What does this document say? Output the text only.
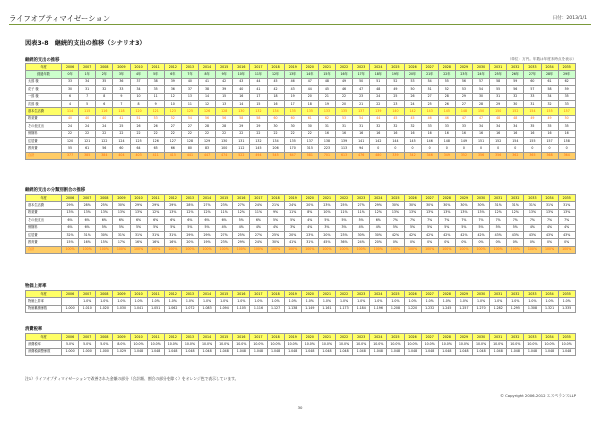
ライフオブティマイゼーション	日付：2013/1/1
図表3-8　継続的支出の推移（シナリオ3）
継続的支出の推移	（単位：万円。年数は年度末時点を表示）
年度	2006	2007	2008	2009	2010	2011	2012	2013	2014	2015	2016	2017	2018	2019	2020	2021	2022	2023	2024	2025	2026	2027	2028	2029	2030	2031	2032	2033	2034	2035
経過年数	0年	1年	2年	3年	4年	5年	6年	7年	8年	9年	10年	11年	12年	13年	14年	15年	16年	17年	18年	19年	20年	21年	22年	23年	24年	25年	26年	27年	28年	29年
太郎 様	33	34	35	36	37	38	39	40	41	42	43	44	45	46	47	48	49	50	51	52	53	54	55	56	57	58	59	60	61	62
花子 様	30	31	32	33	34	35	36	37	38	39	40	41	42	43	44	45	46	47	48	49	50	51	52	53	54	55	56	57	58	59
一郎 様	6	7	8	9	10	11	12	13	14	15	16	17	18	19	20	21	22	23	24	25	26	27	28	29	30	31	32	33	34	35
次郎 様	4	5	6	7	8	9	10	11	12	13	14	15	16	17	18	19	20	21	22	23	24	25	26	27	28	29	30	31	32	33
基本生活費	114	115	116	118	120	121	123	125	126	128	130	132	134	135	135	133	135	137	139	140	142	143	145	148	150	150	152	154	155	157
娯楽費	40	40	40	41	51	53	52	54	56	56	58	58	60	60	61	62	53	54	44	45	45	46	46	47	47	48	48	49	49	50
その他支出	24	24	24	25	26	26	27	27	28	28	29	29	30	30	30	31	31	31	32	32	32	33	33	33	34	34	34	35	35	35
保険料	22	22	22	22	22	22	22	22	22	22	22	22	22	22	22	16	16	16	16	16	16	16	16	16	16	16	16	16	16	16
住居費	120	121	122	124	125	126	127	128	129	130	131	132	134	135	137	138	139	141	142	144	145	146	148	149	151	152	154	155	157	158
教育費	55	61	56	60	64	65	66	80	83	100	112	145	206	170	315	223	113	94	0	0	0	0	0	0	0	0	0	0	0	0
合計	377	385	384	404	403	411	415	441	447	474	522	494	545	647	581	701	613	476	480	339	342	346	349	352	356	356	362	365	368	364
継続的支出の分類別割合の推移
年度	2006	2007	2008	2009	2010	2011	2012	2013	2014	2015	2016	2017	2018	2019	2020	2021	2022	2023	2024	2025	2026	2027	2028	2029	2030	2031	2032	2033	2034	2035
基本生活費	29%	28%	25%	30%	29%	29%	29%	28%	27%	23%	27%	24%	21%	24%	20%	23%	25%	27%	29%	30%	30%	30%	30%	30%	30%	31%	31%	31%	31%	31%
娯楽費	13%	13%	13%	13%	13%	12%	13%	12%	12%	11%	12%	11%	9%	11%	8%	10%	11%	11%	12%	13%	13%	13%	13%	13%	13%	12%	12%	13%	13%	13%
その他支出	6%	6%	6%	6%	6%	6%	6%	6%	6%	6%	5%	6%	5%	5%	4%	5%	5%	5%	6%	7%	7%	7%	7%	7%	7%	7%	7%	7%	7%	7%
保険料	6%	6%	5%	5%	5%	5%	5%	5%	5%	4%	4%	4%	4%	3%	4%	3%	3%	4%	4%	5%	5%	5%	5%	5%	5%	5%	5%	4%	4%	4%
住居費	32%	31%	30%	31%	31%	31%	31%	29%	29%	27%	25%	27%	25%	20%	23%	20%	23%	30%	30%	42%	42%	42%	42%	42%	42%	43%	43%	43%	43%	43%
教育費	15%	16%	15%	17%	16%	16%	16%	20%	19%	23%	29%	24%	30%	41%	31%	45%	36%	24%	20%	0%	0%	0%	0%	0%	0%	0%	0%	0%	0%	0%
合計	100%	100%	100%	100%	100%	100%	100%	100%	100%	100%	100%	100%	100%	100%	100%	100%	100%	100%	100%	100%	100%	100%	100%	100%	100%	100%	100%	100%	100%	100%
物価上昇率
年度	2006	2007	2008	2009	2010	2011	2012	2013	2014	2015	2016	2017	2018	2019	2020	2021	2022	2023	2024	2025	2026	2027	2028	2029	2030	2031	2032	2033	2034	2035
物価上昇率		1.0%	1.0%	1.0%	1.0%	1.0%	1.0%	1.0%	1.0%	1.0%	1.0%	1.0%	1.0%	1.0%	1.0%	1.0%	1.0%	1.0%	1.0%	1.0%	1.0%	1.0%	1.0%	1.0%	1.0%	1.0%	1.0%	1.0%	1.0%	1.0%
物価累積係数	1.000	1.010	1.020	1.030	1.041	1.051	1.062	1.072	1.083	1.094	1.105	1.116	1.127	1.138	1.149	1.161	1.173	1.184	1.196	1.208	1.220	1.232	1.245	1.257	1.270	1.282	1.295	1.308	1.321	1.335
消費税率
年度	2006	2007	2008	2009	2010	2011	2012	2013	2014	2015	2016	2017	2018	2019	2020	2021	2022	2023	2024	2025	2026	2027	2028	2029	2030	2031	2032	2033	2034	2035
消費税率	5.0%	5.0%	5.0%	8.0%	10.0%	10.0%	10.0%	10.0%	10.0%	10.0%	10.0%	10.0%	10.0%	10.0%	10.0%	10.0%	10.0%	10.0%	10.0%	10.0%	10.0%	10.0%	10.0%	10.0%	10.0%	10.0%	10.0%	10.0%	10.0%	10.0%
消費税調整係数	1.000	1.000	1.000	1.029	1.048	1.048	1.048	1.048	1.048	1.048	1.048	1.048	1.048	1.048	1.048	1.048	1.048	1.048	1.048	1.048	1.048	1.048	1.048	1.048	1.048	1.048	1.048	1.048	1.048	1.048
注1）ライフオプティマイゼーションで改善された金額の部分（合計額、割合の部分を除く）をオレンジ色で表示しています。
© Copyright 2006-2012 エスペランスLLP
30
